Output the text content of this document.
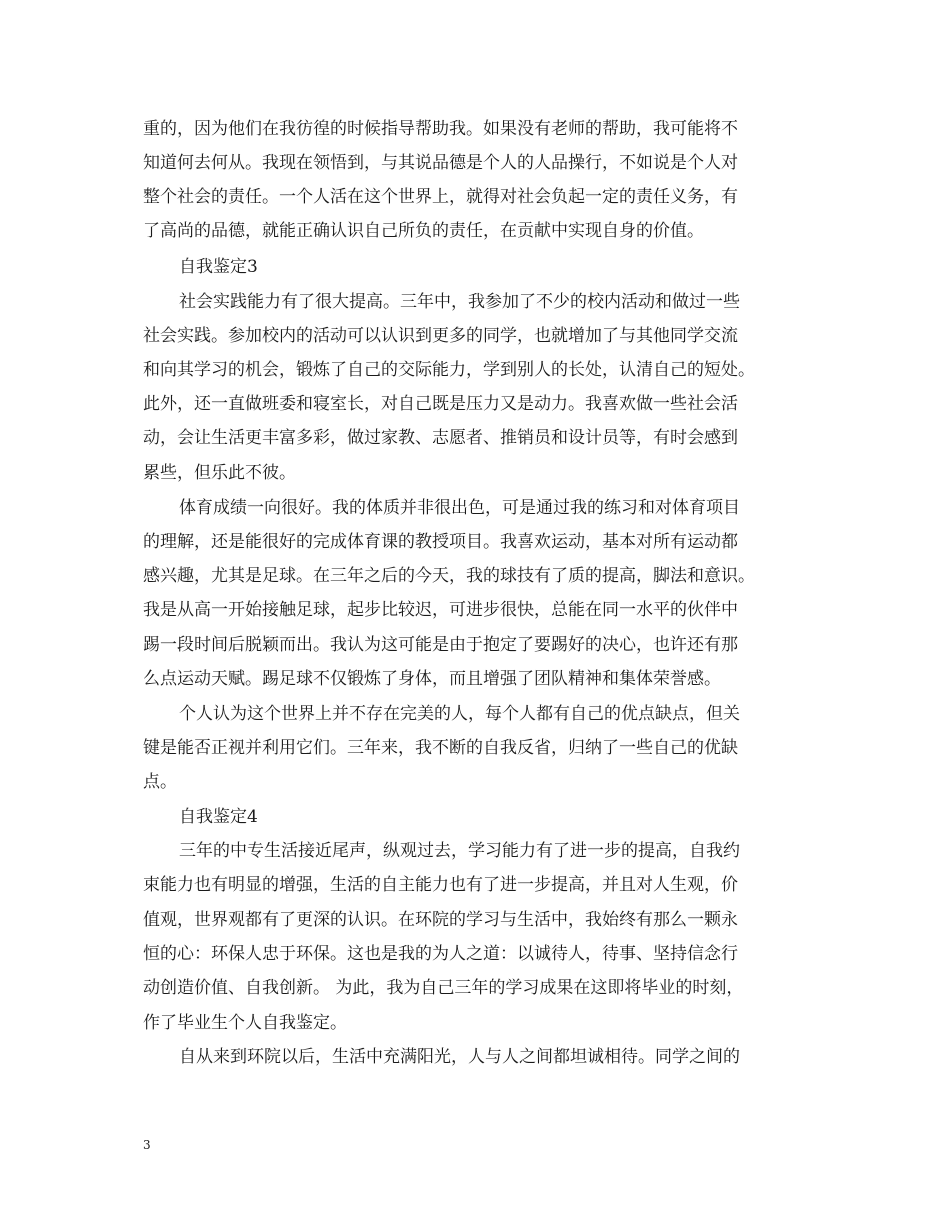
重的，因为他们在我彷徨的时候指导帮助我。如果没有老师的帮助，我可能将不
知道何去何从。我现在领悟到，与其说品德是个人的人品操行，不如说是个人对
整个社会的责任。一个人活在这个世界上，就得对社会负起一定的责任义务，有
了高尚的品德，就能正确认识自己所负的责任，在贡献中实现自身的价值。
自我鉴定3
社会实践能力有了很大提高。三年中，我参加了不少的校内活动和做过一些
社会实践。参加校内的活动可以认识到更多的同学，也就增加了与其他同学交流
和向其学习的机会，锻炼了自己的交际能力，学到别人的长处，认清自己的短处。
此外，还一直做班委和寝室长，对自己既是压力又是动力。我喜欢做一些社会活
动，会让生活更丰富多彩，做过家教、志愿者、推销员和设计员等，有时会感到
累些，但乐此不彼。
体育成绩一向很好。我的体质并非很出色，可是通过我的练习和对体育项目
的理解，还是能很好的完成体育课的教授项目。我喜欢运动，基本对所有运动都
感兴趣，尤其是足球。在三年之后的今天，我的球技有了质的提高，脚法和意识。
我是从高一开始接触足球，起步比较迟，可进步很快，总能在同一水平的伙伴中
踢一段时间后脱颖而出。我认为这可能是由于抱定了要踢好的决心，也许还有那
么点运动天赋。踢足球不仅锻炼了身体，而且增强了团队精神和集体荣誉感。
个人认为这个世界上并不存在完美的人，每个人都有自己的优点缺点，但关
键是能否正视并利用它们。三年来，我不断的自我反省，归纳了一些自己的优缺
点。
自我鉴定4
三年的中专生活接近尾声，纵观过去，学习能力有了进一步的提高，自我约
束能力也有明显的增强，生活的自主能力也有了进一步提高，并且对人生观，价
值观，世界观都有了更深的认识。在环院的学习与生活中，我始终有那么一颗永
恒的心：环保人忠于环保。这也是我的为人之道：以诚待人，待事、坚持信念行
动创造价值、自我创新。 为此，我为自己三年的学习成果在这即将毕业的时刻，
作了毕业生个人自我鉴定。
自从来到环院以后，生活中充满阳光，人与人之间都坦诚相待。同学之间的
3
